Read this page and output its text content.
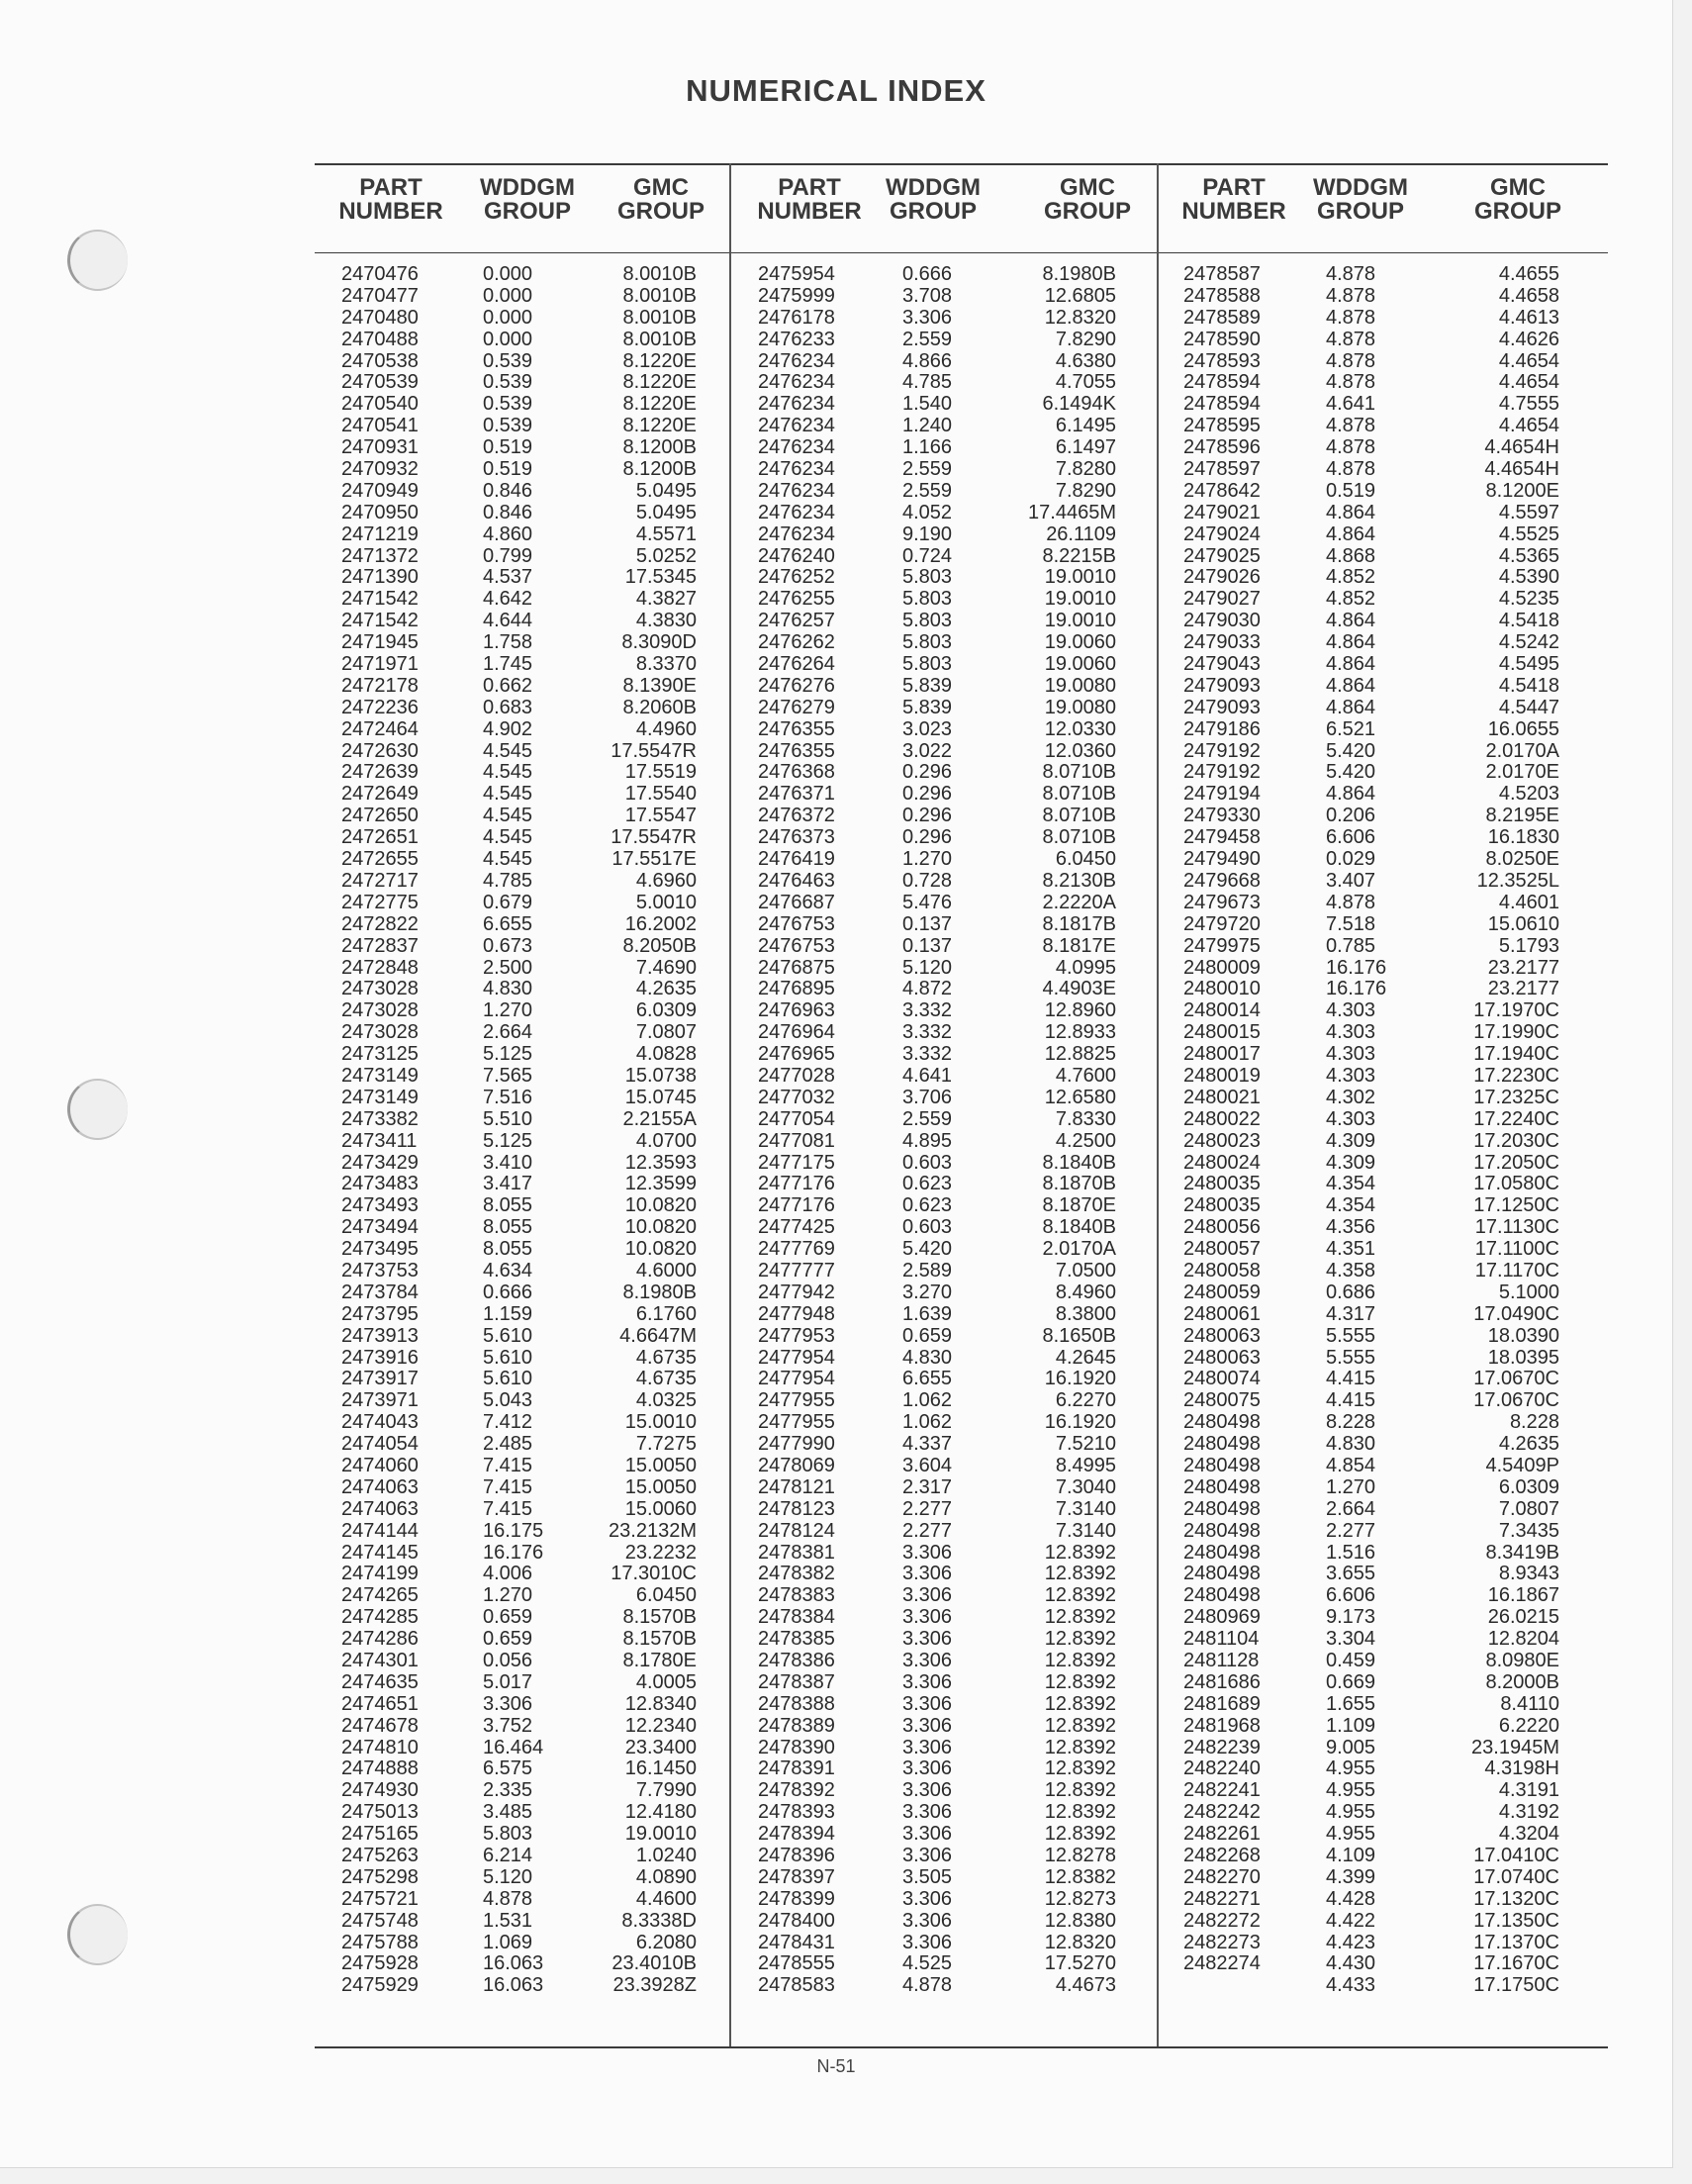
NUMERICAL INDEX
PART
NUMBER
WDDGM
GROUP
GMC
GROUP
PART
NUMBER
WDDGM
GROUP
GMC
GROUP
PART
NUMBER
WDDGM
GROUP
GMC
GROUP
2470476
2470477
2470480
2470488
2470538
2470539
2470540
2470541
2470931
2470932
2470949
2470950
2471219
2471372
2471390
2471542
2471542
2471945
2471971
2472178
2472236
2472464
2472630
2472639
2472649
2472650
2472651
2472655
2472717
2472775
2472822
2472837
2472848
2473028
2473028
2473028
2473125
2473149
2473149
2473382
2473411
2473429
2473483
2473493
2473494
2473495
2473753
2473784
2473795
2473913
2473916
2473917
2473971
2474043
2474054
2474060
2474063
2474063
2474144
2474145
2474199
2474265
2474285
2474286
2474301
2474635
2474651
2474678
2474810
2474888
2474930
2475013
2475165
2475263
2475298
2475721
2475748
2475788
2475928
2475929
0.000
0.000
0.000
0.000
0.539
0.539
0.539
0.539
0.519
0.519
0.846
0.846
4.860
0.799
4.537
4.642
4.644
1.758
1.745
0.662
0.683
4.902
4.545
4.545
4.545
4.545
4.545
4.545
4.785
0.679
6.655
0.673
2.500
4.830
1.270
2.664
5.125
7.565
7.516
5.510
5.125
3.410
3.417
8.055
8.055
8.055
4.634
0.666
1.159
5.610
5.610
5.610
5.043
7.412
2.485
7.415
7.415
7.415
16.175
16.176
4.006
1.270
0.659
0.659
0.056
5.017
3.306
3.752
16.464
6.575
2.335
3.485
5.803
6.214
5.120
4.878
1.531
1.069
16.063
16.063
8.0010B
8.0010B
8.0010B
8.0010B
8.1220E
8.1220E
8.1220E
8.1220E
8.1200B
8.1200B
5.0495
5.0495
4.5571
5.0252
17.5345
4.3827
4.3830
8.3090D
8.3370
8.1390E
8.2060B
4.4960
17.5547R
17.5519
17.5540
17.5547
17.5547R
17.5517E
4.6960
5.0010
16.2002
8.2050B
7.4690
4.2635
6.0309
7.0807
4.0828
15.0738
15.0745
2.2155A
4.0700
12.3593
12.3599
10.0820
10.0820
10.0820
4.6000
8.1980B
6.1760
4.6647M
4.6735
4.6735
4.0325
15.0010
7.7275
15.0050
15.0050
15.0060
23.2132M
23.2232
17.3010C
6.0450
8.1570B
8.1570B
8.1780E
4.0005
12.8340
12.2340
23.3400
16.1450
7.7990
12.4180
19.0010
1.0240
4.0890
4.4600
8.3338D
6.2080
23.4010B
23.3928Z
2475954
2475999
2476178
2476233
2476234
2476234
2476234
2476234
2476234
2476234
2476234
2476234
2476234
2476240
2476252
2476255
2476257
2476262
2476264
2476276
2476279
2476355
2476355
2476368
2476371
2476372
2476373
2476419
2476463
2476687
2476753
2476753
2476875
2476895
2476963
2476964
2476965
2477028
2477032
2477054
2477081
2477175
2477176
2477176
2477425
2477769
2477777
2477942
2477948
2477953
2477954
2477954
2477955
2477955
2477990
2478069
2478121
2478123
2478124
2478381
2478382
2478383
2478384
2478385
2478386
2478387
2478388
2478389
2478390
2478391
2478392
2478393
2478394
2478396
2478397
2478399
2478400
2478431
2478555
2478583
0.666
3.708
3.306
2.559
4.866
4.785
1.540
1.240
1.166
2.559
2.559
4.052
9.190
0.724
5.803
5.803
5.803
5.803
5.803
5.839
5.839
3.023
3.022
0.296
0.296
0.296
0.296
1.270
0.728
5.476
0.137
0.137
5.120
4.872
3.332
3.332
3.332
4.641
3.706
2.559
4.895
0.603
0.623
0.623
0.603
5.420
2.589
3.270
1.639
0.659
4.830
6.655
1.062
1.062
4.337
3.604
2.317
2.277
2.277
3.306
3.306
3.306
3.306
3.306
3.306
3.306
3.306
3.306
3.306
3.306
3.306
3.306
3.306
3.306
3.505
3.306
3.306
3.306
4.525
4.878
8.1980B
12.6805
12.8320
7.8290
4.6380
4.7055
6.1494K
6.1495
6.1497
7.8280
7.8290
17.4465M
26.1109
8.2215B
19.0010
19.0010
19.0010
19.0060
19.0060
19.0080
19.0080
12.0330
12.0360
8.0710B
8.0710B
8.0710B
8.0710B
6.0450
8.2130B
2.2220A
8.1817B
8.1817E
4.0995
4.4903E
12.8960
12.8933
12.8825
4.7600
12.6580
7.8330
4.2500
8.1840B
8.1870B
8.1870E
8.1840B
2.0170A
7.0500
8.4960
8.3800
8.1650B
4.2645
16.1920
6.2270
16.1920
7.5210
8.4995
7.3040
7.3140
7.3140
12.8392
12.8392
12.8392
12.8392
12.8392
12.8392
12.8392
12.8392
12.8392
12.8392
12.8392
12.8392
12.8392
12.8392
12.8278
12.8382
12.8273
12.8380
12.8320
17.5270
4.4673
2478587
2478588
2478589
2478590
2478593
2478594
2478594
2478595
2478596
2478597
2478642
2479021
2479024
2479025
2479026
2479027
2479030
2479033
2479043
2479093
2479093
2479186
2479192
2479192
2479194
2479330
2479458
2479490
2479668
2479673
2479720
2479975
2480009
2480010
2480014
2480015
2480017
2480019
2480021
2480022
2480023
2480024
2480035
2480035
2480056
2480057
2480058
2480059
2480061
2480063
2480063
2480074
2480075
2480498
2480498
2480498
2480498
2480498
2480498
2480498
2480498
2480498
2480969
2481104
2481128
2481686
2481689
2481968
2482239
2482240
2482241
2482242
2482261
2482268
2482270
2482271
2482272
2482273
2482274
4.878
4.878
4.878
4.878
4.878
4.878
4.641
4.878
4.878
4.878
0.519
4.864
4.864
4.868
4.852
4.852
4.864
4.864
4.864
4.864
4.864
6.521
5.420
5.420
4.864
0.206
6.606
0.029
3.407
4.878
7.518
0.785
16.176
16.176
4.303
4.303
4.303
4.303
4.302
4.303
4.309
4.309
4.354
4.354
4.356
4.351
4.358
0.686
4.317
5.555
5.555
4.415
4.415
8.228
4.830
4.854
1.270
2.664
2.277
1.516
3.655
6.606
9.173
3.304
0.459
0.669
1.655
1.109
9.005
4.955
4.955
4.955
4.955
4.109
4.399
4.428
4.422
4.423
4.430
4.433
4.4655
4.4658
4.4613
4.4626
4.4654
4.4654
4.7555
4.4654
4.4654H
4.4654H
8.1200E
4.5597
4.5525
4.5365
4.5390
4.5235
4.5418
4.5242
4.5495
4.5418
4.5447
16.0655
2.0170A
2.0170E
4.5203
8.2195E
16.1830
8.0250E
12.3525L
4.4601
15.0610
5.1793
23.2177
23.2177
17.1970C
17.1990C
17.1940C
17.2230C
17.2325C
17.2240C
17.2030C
17.2050C
17.0580C
17.1250C
17.1130C
17.1100C
17.1170C
5.1000
17.0490C
18.0390
18.0395
17.0670C
17.0670C
8.228
4.2635
4.5409P
6.0309
7.0807
7.3435
8.3419B
8.9343
16.1867
26.0215
12.8204
8.0980E
8.2000B
8.4110
6.2220
23.1945M
4.3198H
4.3191
4.3192
4.3204
17.0410C
17.0740C
17.1320C
17.1350C
17.1370C
17.1670C
17.1750C
N-51
